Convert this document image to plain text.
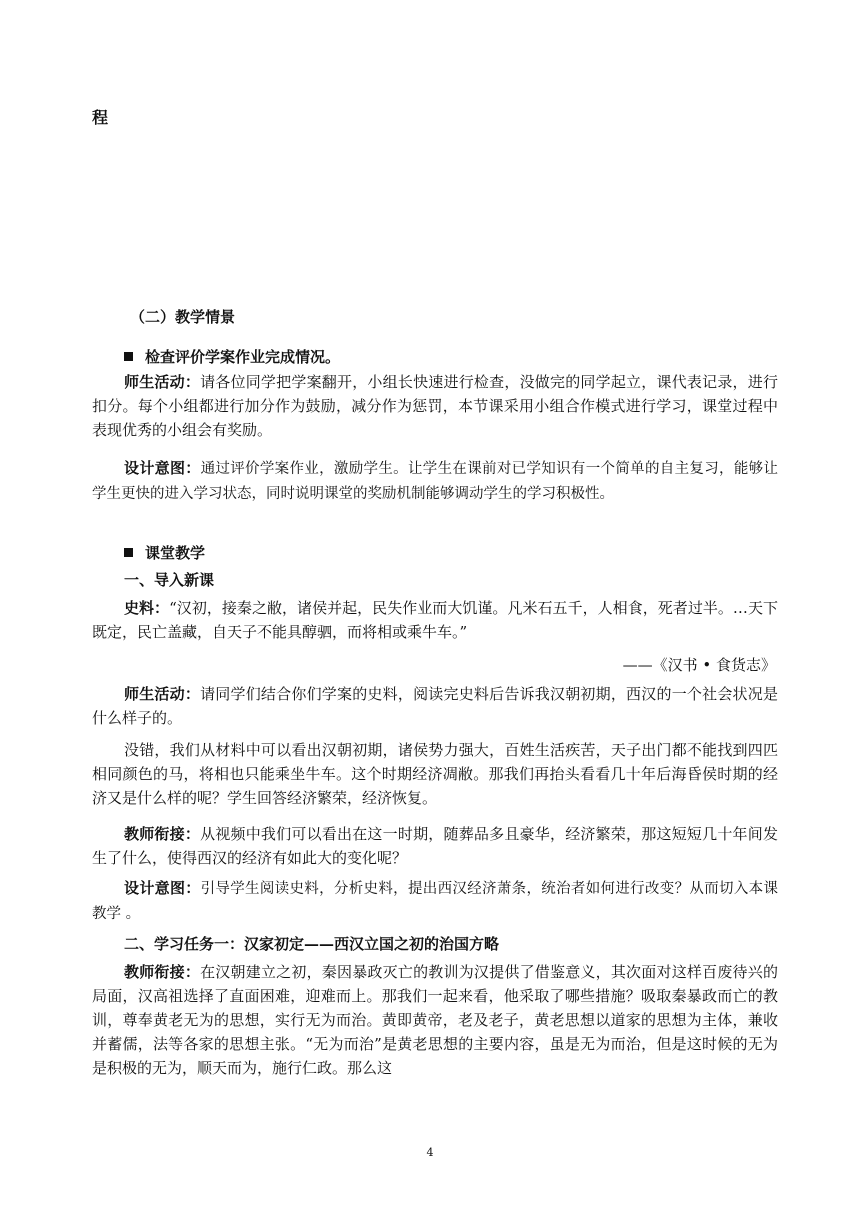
程
（二）教学情景
检查评价学案作业完成情况。
师生活动：请各位同学把学案翻开，小组长快速进行检查，没做完的同学起立，课代表记录，进行扣分。每个小组都进行加分作为鼓励，减分作为惩罚，本节课采用小组合作模式进行学习，课堂过程中表现优秀的小组会有奖励。
设计意图：通过评价学案作业，激励学生。让学生在课前对已学知识有一个简单的自主复习，能够让学生更快的进入学习状态，同时说明课堂的奖励机制能够调动学生的学习积极性。
课堂教学
一、导入新课
史料：“汉初，接秦之敝，诸侯并起，民失作业而大饥谨。凡米石五千，人相食，死者过半。…天下既定，民亡盖藏，自天子不能具醇驷，而将相或乘牛车。”
——《汉书 • 食货志》
师生活动：请同学们结合你们学案的史料，阅读完史料后告诉我汉朝初期，西汉的一个社会状况是什么样子的。
没错，我们从材料中可以看出汉朝初期，诸侯势力强大，百姓生活疾苦，天子出门都不能找到四匹相同颜色的马，将相也只能乘坐牛车。这个时期经济凋敝。那我们再抬头看看几十年后海昏侯时期的经济又是什么样的呢？学生回答经济繁荣，经济恢复。
教师衔接：从视频中我们可以看出在这一时期，随葬品多且豪华，经济繁荣，那这短短几十年间发生了什么，使得西汉的经济有如此大的变化呢？
设计意图：引导学生阅读史料，分析史料，提出西汉经济萧条，统治者如何进行改变？从而切入本课教学 。
二、学习任务一：汉家初定——西汉立国之初的治国方略
教师衔接：在汉朝建立之初，秦因暴政灭亡的教训为汉提供了借鉴意义，其次面对这样百废待兴的局面，汉高祖选择了直面困难，迎难而上。那我们一起来看，他采取了哪些措施？吸取秦暴政而亡的教训，尊奉黄老无为的思想，实行无为而治。黄即黄帝，老及老子，黄老思想以道家的思想为主体，兼收并蓄儒，法等各家的思想主张。“无为而治”是黄老思想的主要内容，虽是无为而治，但是这时候的无为是积极的无为，顺天而为，施行仁政。那么这
4
